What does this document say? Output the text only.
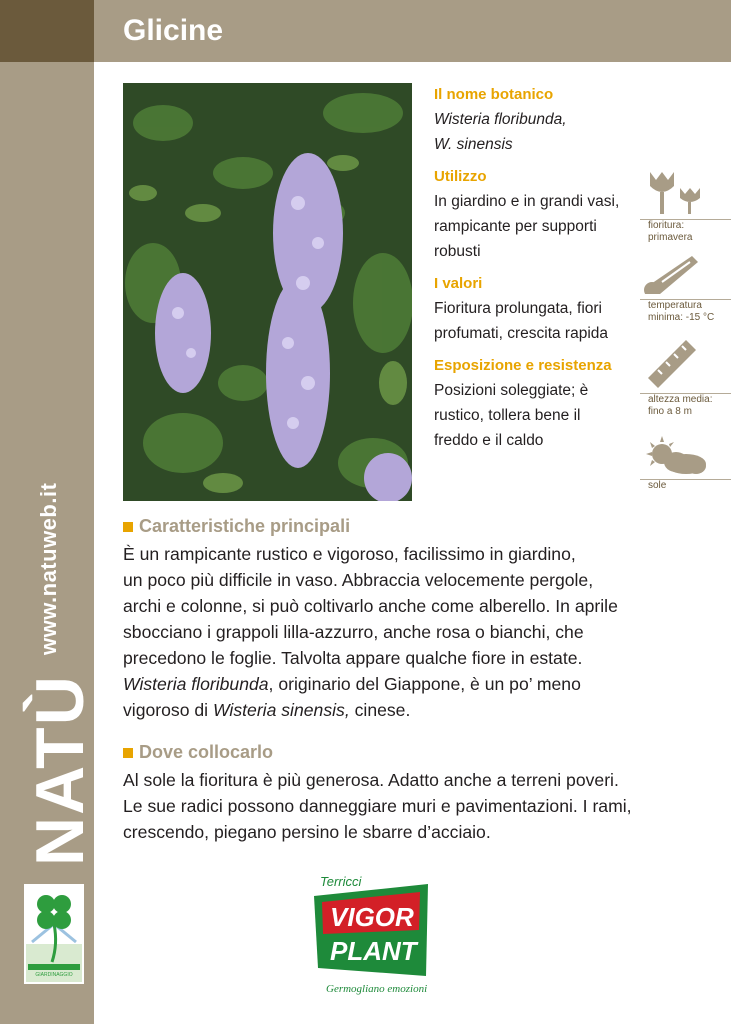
Glicine
www.natuweb.it
NATÙ
GIARDINAGGIO
Il nome botanico
Wisteria floribunda,
W. sinensis
Utilizzo
In giardino e in grandi vasi, rampicante per supporti robusti
I valori
Fioritura prolungata, fiori profumati, crescita rapida
Esposizione e resistenza
Posizioni soleggiate; è rustico, tollera bene il freddo e il caldo
fioritura:
primavera
temperatura
minima: -15 °C
altezza media:
fino a 8 m
sole
Caratteristiche principali

È un rampicante rustico e vigoroso, facilissimo in giardino,

un poco più difficile in vaso. Abbraccia velocemente pergole,

archi e colonne, si può coltivarlo anche come alberello. In aprile

sbocciano i grappoli lilla-azzurro, anche rosa o bianchi, che

precedono le foglie. Talvolta appare qualche fiore in estate.

Wisteria floribunda, originario del Giappone, è un po’ meno

vigoroso di Wisteria sinensis, cinese.

Dove collocarlo

Al sole la fioritura è più generosa. Adatto anche a terreni poveri.

Le sue radici possono danneggiare muri e pavimentazioni. I rami,

crescendo, piegano persino le sbarre d’acciaio.

Terricci
VIGOR
PLANT
Germogliano emozioni
